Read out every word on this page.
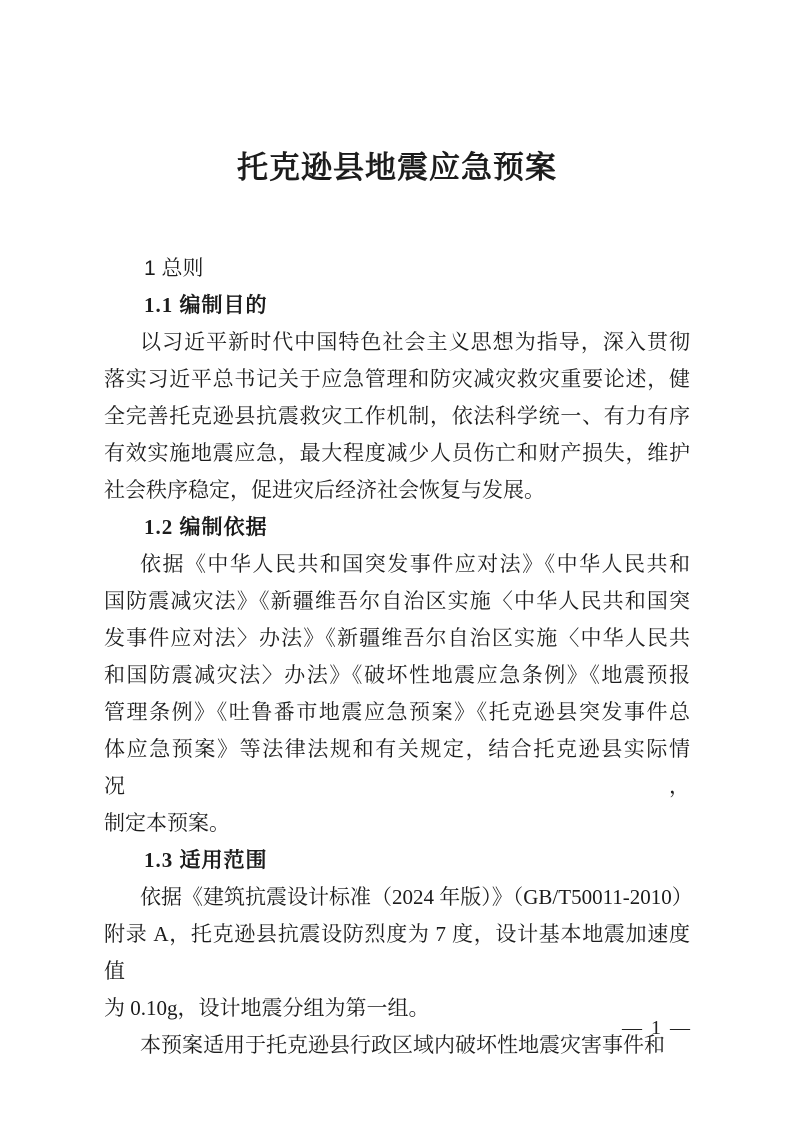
托克逊县地震应急预案
1 总则
1.1 编制目的
以习近平新时代中国特色社会主义思想为指导，深入贯彻
落实习近平总书记关于应急管理和防灾减灾救灾重要论述，健
全完善托克逊县抗震救灾工作机制，依法科学统一、有力有序
有效实施地震应急，最大程度减少人员伤亡和财产损失，维护
社会秩序稳定，促进灾后经济社会恢复与发展。
1.2 编制依据
依据《中华人民共和国突发事件应对法》《中华人民共和
国防震减灾法》《新疆维吾尔自治区实施〈中华人民共和国突
发事件应对法〉办法》《新疆维吾尔自治区实施〈中华人民共
和国防震减灾法〉办法》《破坏性地震应急条例》《地震预报
管理条例》《吐鲁番市地震应急预案》《托克逊县突发事件总
体应急预案》等法律法规和有关规定，结合托克逊县实际情况，
制定本预案。
1.3 适用范围
依据《建筑抗震设计标准（2024 年版）》（GB/T50011-2010）
附录 A，托克逊县抗震设防烈度为 7 度，设计基本地震加速度值
为 0.10g，设计地震分组为第一组。
本预案适用于托克逊县行政区域内破坏性地震灾害事件和
— 1 —
